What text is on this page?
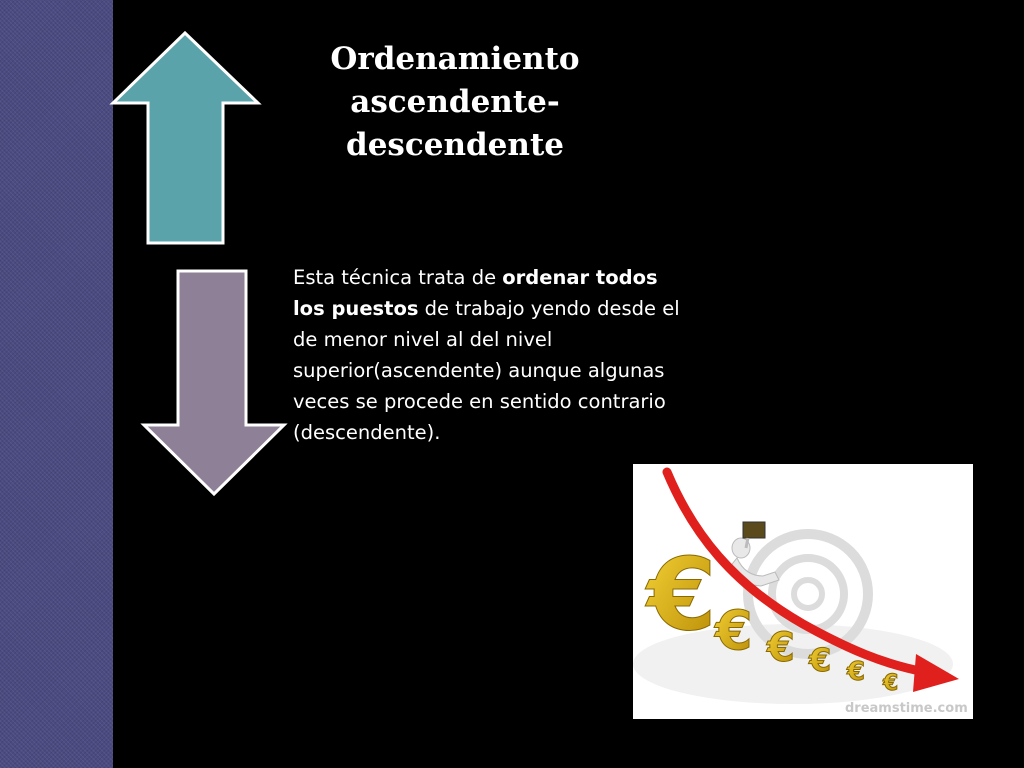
Ordenamiento
ascendente-
descendente
Esta técnica trata de ordenar todos los puestos de trabajo yendo desde el de menor nivel al del nivel superior(ascendente) aunque algunas veces se procede en sentido contrario (descendente).
€
€ € € € €
dreamstime.com
